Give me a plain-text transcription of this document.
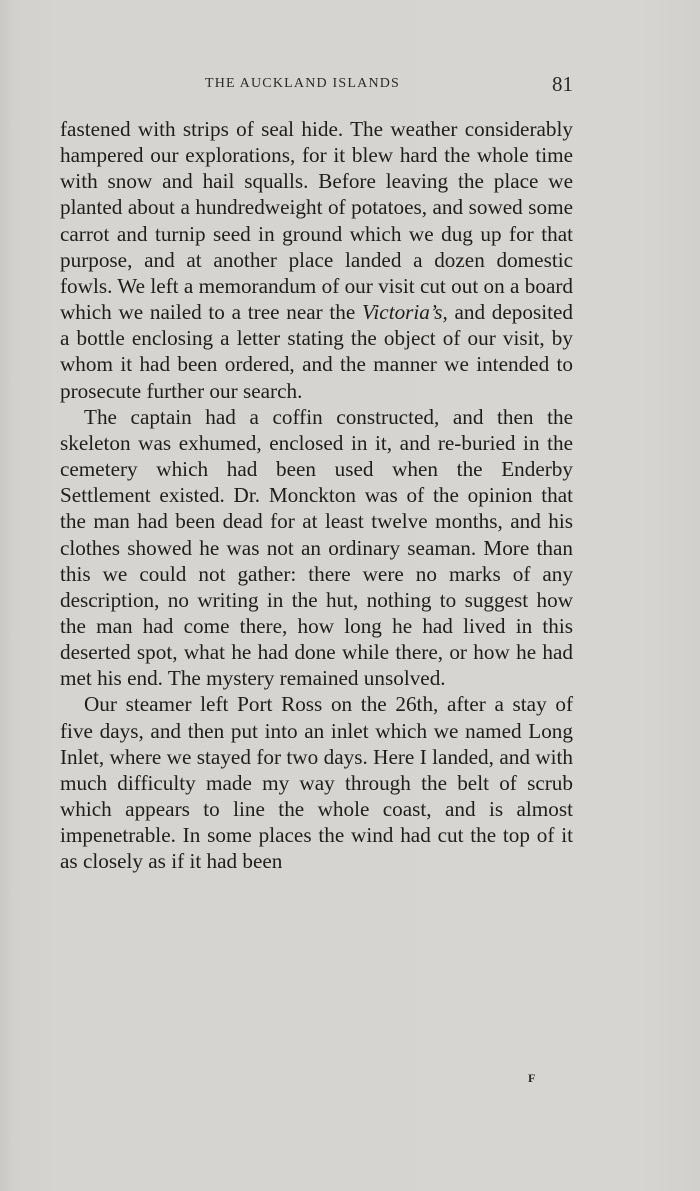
THE AUCKLAND ISLANDS	81

fastened with strips of seal hide. The weather considerably hampered our explorations, for it blew hard the whole time with snow and hail squalls. Before leaving the place we planted about a hundredweight of potatoes, and sowed some carrot and turnip seed in ground which we dug up for that purpose, and at another place landed a dozen domestic fowls. We left a memorandum of our visit cut out on a board which we nailed to a tree near the Victoria’s, and deposited a bottle enclosing a letter stating the object of our visit, by whom it had been ordered, and the manner we intended to prosecute further our search.

The captain had a coffin constructed, and then the skeleton was exhumed, enclosed in it, and re-buried in the cemetery which had been used when the Enderby Settlement existed. Dr. Monckton was of the opinion that the man had been dead for at least twelve months, and his clothes showed he was not an ordinary seaman. More than this we could not gather: there were no marks of any description, no writing in the hut, nothing to suggest how the man had come there, how long he had lived in this deserted spot, what he had done while there, or how he had met his end. The mystery remained unsolved.

Our steamer left Port Ross on the 26th, after a stay of five days, and then put into an inlet which we named Long Inlet, where we stayed for two days. Here I landed, and with much difficulty made my way through the belt of scrub which appears to line the whole coast, and is almost impenetrable. In some places the wind had cut the top of it as closely as if it had been

F
